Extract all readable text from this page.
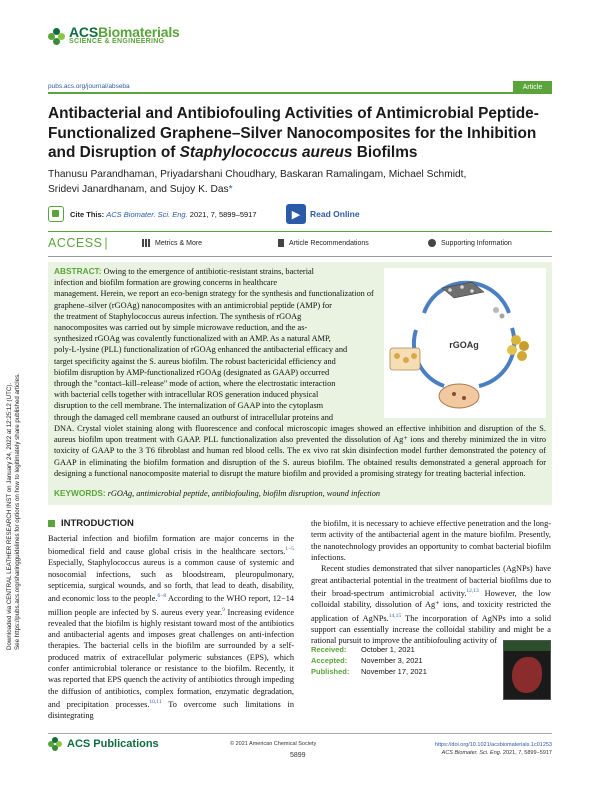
Downloaded via CENTRAL LEATHER RESEARCH INST on January 24, 2022 at 12:25:12 (UTC). See https://pubs.acs.org/sharingguidelines for options on how to legitimately share published articles.
ACSBiomaterials
SCIENCE & ENGINEERING
pubs.acs.org/journal/abseba	Article
Antibacterial and Antibiofouling Activities of Antimicrobial Peptide-Functionalized Graphene–Silver Nanocomposites for the Inhibition and Disruption of Staphylococcus aureus Biofilms
Thanusu Parandhaman, Priyadarshani Choudhary, Baskaran Ramalingam, Michael Schmidt,
Sridevi Janardhanam, and Sujoy K. Das*
Cite This: ACS Biomater. Sci. Eng. 2021, 7, 5899–5917	▶	Read Online
ACCESS |	Metrics & More	Article Recommendations	Supporting Information
ABSTRACT: Owing to the emergence of antibiotic-resistant strains, bacterial
infection and biofilm formation are growing concerns in healthcare
management. Herein, we report an eco-benign strategy for the synthesis and functionalization of
graphene–silver (rGOAg) nanocomposites with an antimicrobial peptide (AMP) for
the treatment of Staphylococcus aureus infection. The synthesis of rGOAg
nanocomposites was carried out by simple microwave reduction, and the as-
synthesized rGOAg was covalently functionalized with an AMP. As a natural AMP,
poly-L-lysine (PLL) functionalization of rGOAg enhanced the antibacterial efficacy and
target specificity against the S. aureus biofilm. The robust bactericidal efficiency and
biofilm disruption by AMP-functionalized rGOAg (designated as GAAP) occurred
through the "contact–kill–release" mode of action, where the electrostatic interaction
with bacterial cells together with intracellular ROS generation induced physical
disruption to the cell membrane. The internalization of GAAP into the cytoplasm
through the damaged cell membrane caused an outburst of intracellular proteins and
DNA. Crystal violet staining along with fluorescence and confocal microscopic images showed an effective inhibition and disruption of the S. aureus biofilm upon treatment with GAAP. PLL functionalization also prevented the dissolution of Ag⁺ ions and thereby minimized the in vitro toxicity of GAAP to the 3 T6 fibroblast and human red blood cells. The ex vivo rat skin disinfection model further demonstrated the potency of GAAP in eliminating the biofilm formation and disruption of the S. aureus biofilm. The obtained results demonstrated a general approach for designing a functional nanocomposite material to disrupt the mature biofilm and provided a promising strategy for treating bacterial infection.
KEYWORDS: rGOAg, antimicrobial peptide, antibiofouling, biofilm disruption, wound infection
rGOAg
INTRODUCTION

Bacterial infection and biofilm formation are major concerns in the biomedical field and cause global crisis in the healthcare sectors.$^{1-5}$ Especially, Staphylococcus aureus is a common cause of systemic and nosocomial infections, such as bloodstream, pleuropulmonary, septicemia, surgical wounds, and so forth, that lead to death, disability, and economic loss to the people.$^{6-8}$ According to the WHO report, 12−14 million people are infected by S. aureus every year.$^9$ Increasing evidence revealed that the biofilm is highly resistant toward most of the antibiotics and antibacterial agents and imposes great challenges on anti-infection therapies. The bacterial cells in the biofilm are surrounded by a self-produced matrix of extracellular polymeric substances (EPS), which confer antimicrobial tolerance or resistance to the biofilm. Recently, it was reported that EPS quench the activity of antibiotics through impeding the diffusion of antibiotics, complex formation, enzymatic degradation, and precipitation processes.$^{10,11}$ To overcome such limitations in disintegrating

the biofilm, it is necessary to achieve effective penetration and the long-term activity of the antibacterial agent in the mature biofilm. Presently, the nanotechnology provides an opportunity to combat bacterial biofilm infections.

Recent studies demonstrated that silver nanoparticles (AgNPs) have great antibacterial potential in the treatment of bacterial biofilms due to their broad-spectrum antimicrobial activity.$^{12,13}$ However, the low colloidal stability, dissolution of Ag⁺ ions, and toxicity restricted the application of AgNPs.$^{14,15}$ The incorporation of AgNPs into a solid support can essentially increase the colloidal stability and might be a rational pursuit to improve the antibiofouling activity of

Received: October 1, 2021
Accepted: November 3, 2021
Published: November 17, 2021
ACS Publications	© 2021 American Chemical Society
5899
https://doi.org/10.1021/acsbiomaterials.1c01253
ACS Biomater. Sci. Eng. 2021, 7, 5899−5917
